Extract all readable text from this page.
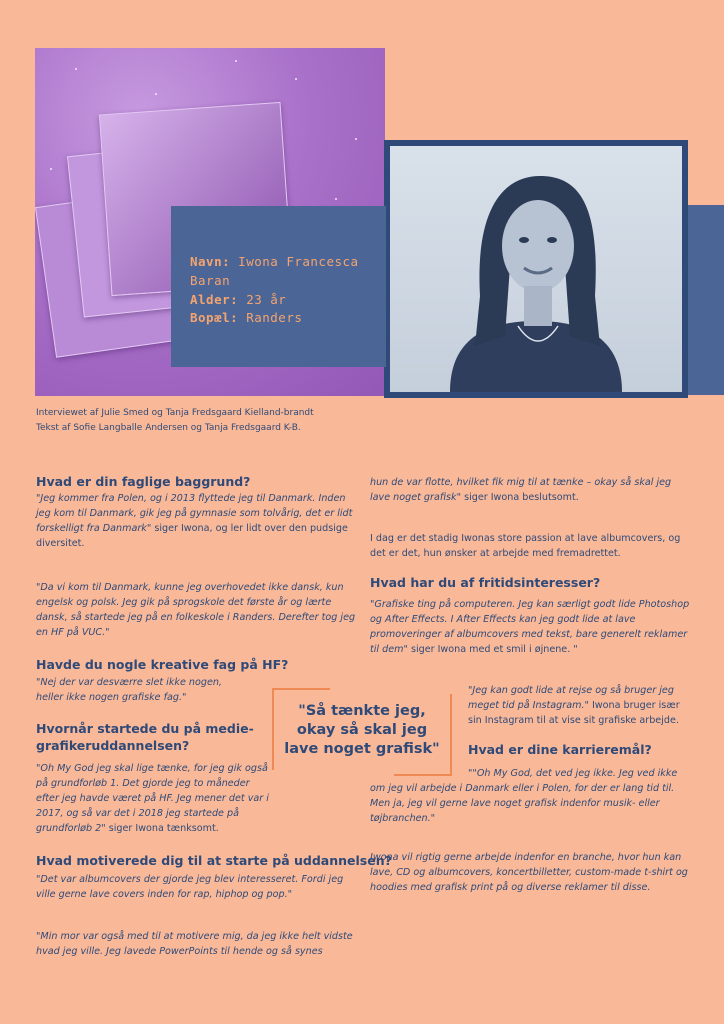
Navn: Iwona Francesca
Baran
Alder: 23 år
Bopæl: Randers
Interviewet af Julie Smed og Tanja Fredsgaard Kielland-brandt
Tekst af Sofie Langballe Andersen og Tanja Fredsgaard K-B.
Hvad er din faglige baggrund?

"Jeg kommer fra Polen, og i 2013 flyttede jeg til Danmark. Inden jeg kom til Danmark, gik jeg på gymnasie som tolvårig, det er lidt forskelligt fra Danmark" siger Iwona, og ler lidt over den pudsige diversitet.

"Da vi kom til Danmark, kunne jeg overhovedet ikke dansk, kun engelsk og polsk. Jeg gik på sprogskole det første år og lærte dansk, så startede jeg på en folkeskole i Randers. Derefter tog jeg en HF på VUC."

Havde du nogle kreative fag på HF?

"Nej der var desværre slet ikke nogen, heller ikke nogen grafiske fag."

Hvornår startede du på medie-
grafikeruddannelsen?

"Oh My God jeg skal lige tænke, for jeg gik også på grundforløb 1. Det gjorde jeg to måneder efter jeg havde været på HF. Jeg mener det var i 2017, og så var det i 2018 jeg startede på grundforløb 2" siger Iwona tænksomt.

Hvad motiverede dig til at starte på uddannelsen?

"Det var albumcovers der gjorde jeg blev interesseret. Fordi jeg ville gerne lave covers inden for rap, hiphop og pop."

"Min mor var også med til at motivere mig, da jeg ikke helt vidste hvad jeg ville. Jeg lavede PowerPoints til hende og så synes

hun de var flotte, hvilket fik mig til at tænke – okay så skal jeg lave noget grafisk" siger Iwona beslutsomt.

I dag er det stadig Iwonas store passion at lave albumcovers, og det er det, hun ønsker at arbejde med fremadrettet.

Hvad har du af fritidsinteresser?

"Grafiske ting på computeren. Jeg kan særligt godt lide Photoshop og After Effects. I After Effects kan jeg godt lide at lave promoveringer af albumcovers med tekst, bare generelt reklamer til dem" siger Iwona med et smil i øjnene. "

"Jeg kan godt lide at rejse og så bruger jeg meget tid på Instagram." Iwona bruger især sin Instagram til at vise sit grafiske arbejde.

Hvad er dine karrieremål?

""Oh My God, det ved jeg ikke. Jeg ved ikke om jeg vil arbejde i Danmark eller i Polen, for der er lang tid til. Men ja, jeg vil gerne lave noget grafisk indenfor musik- eller tøjbranchen."

Iwona vil rigtig gerne arbejde indenfor en branche, hvor hun kan lave, CD og albumcovers, koncertbilletter, custom-made t-shirt og hoodies med grafisk print på og diverse reklamer til disse.

"Så tænkte jeg,
okay så skal jeg
lave noget grafisk"
